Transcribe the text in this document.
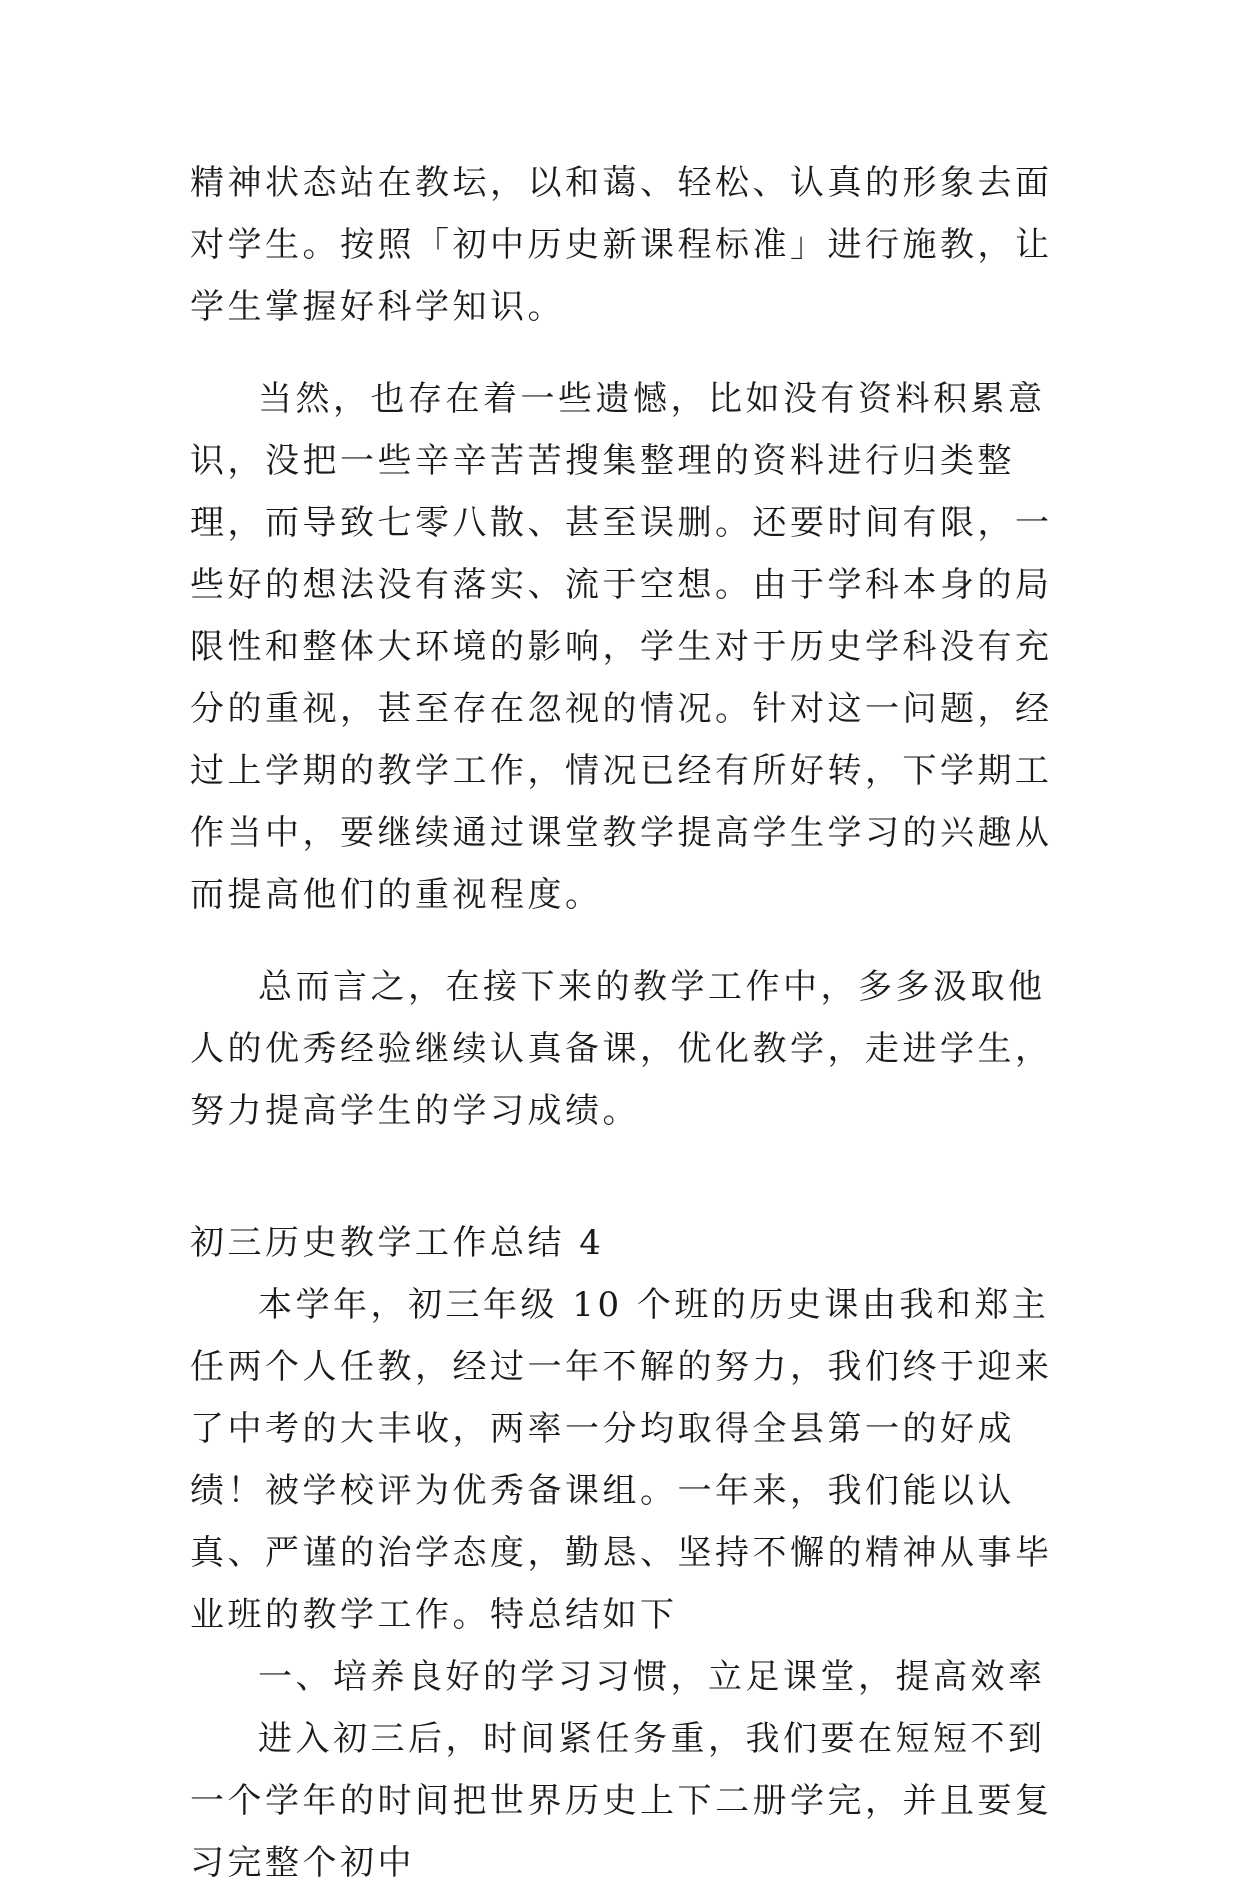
精神状态站在教坛，以和蔼、轻松、认真的形象去面对学生。按照「初中历史新课程标准」进行施教，让学生掌握好科学知识。

当然，也存在着一些遗憾，比如没有资料积累意识，没把一些辛辛苦苦搜集整理的资料进行归类整理，而导致七零八散、甚至误删。还要时间有限，一些好的想法没有落实、流于空想。由于学科本身的局限性和整体大环境的影响，学生对于历史学科没有充分的重视，甚至存在忽视的情况。针对这一问题，经过上学期的教学工作，情况已经有所好转，下学期工作当中，要继续通过课堂教学提高学生学习的兴趣从而提高他们的重视程度。

总而言之，在接下来的教学工作中，多多汲取他人的优秀经验继续认真备课，优化教学，走进学生，努力提高学生的学习成绩。

初三历史教学工作总结 4

本学年，初三年级 10 个班的历史课由我和郑主任两个人任教，经过一年不解的努力，我们终于迎来了中考的大丰收，两率一分均取得全县第一的好成绩！被学校评为优秀备课组。一年来，我们能以认真、严谨的治学态度，勤恳、坚持不懈的精神从事毕业班的教学工作。特总结如下

一、培养良好的学习习惯，立足课堂，提高效率

进入初三后，时间紧任务重，我们要在短短不到一个学年的时间把世界历史上下二册学完，并且要复习完整个初中
